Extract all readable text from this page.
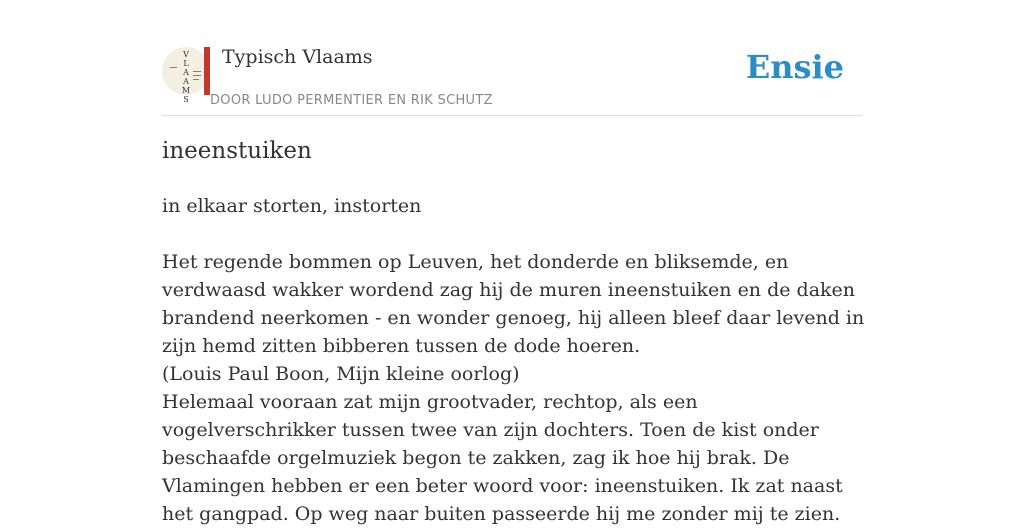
V
L
A
A
M
S
Typisch Vlaams
DOOR LUDO PERMENTIER EN RIK SCHUTZ
Ensie
ineenstuiken

in elkaar storten, instorten

Het regende bommen op Leuven, het donderde en bliksemde, en verdwaasd wakker wordend zag hij de muren ineenstuiken en de daken brandend neerkomen - en wonder genoeg, hij alleen bleef daar levend in zijn hemd zitten bibberen tussen de dode hoeren.

(Louis Paul Boon, Mijn kleine oorlog)

Helemaal vooraan zat mijn grootvader, rechtop, als een vogelverschrikker tussen twee van zijn dochters. Toen de kist onder beschaafde orgelmuziek begon te zakken, zag ik hoe hij brak. De Vlamingen hebben er een beter woord voor: ineenstuiken. Ik zat naast het gangpad. Op weg naar buiten passeerde hij me zonder mij te zien.
